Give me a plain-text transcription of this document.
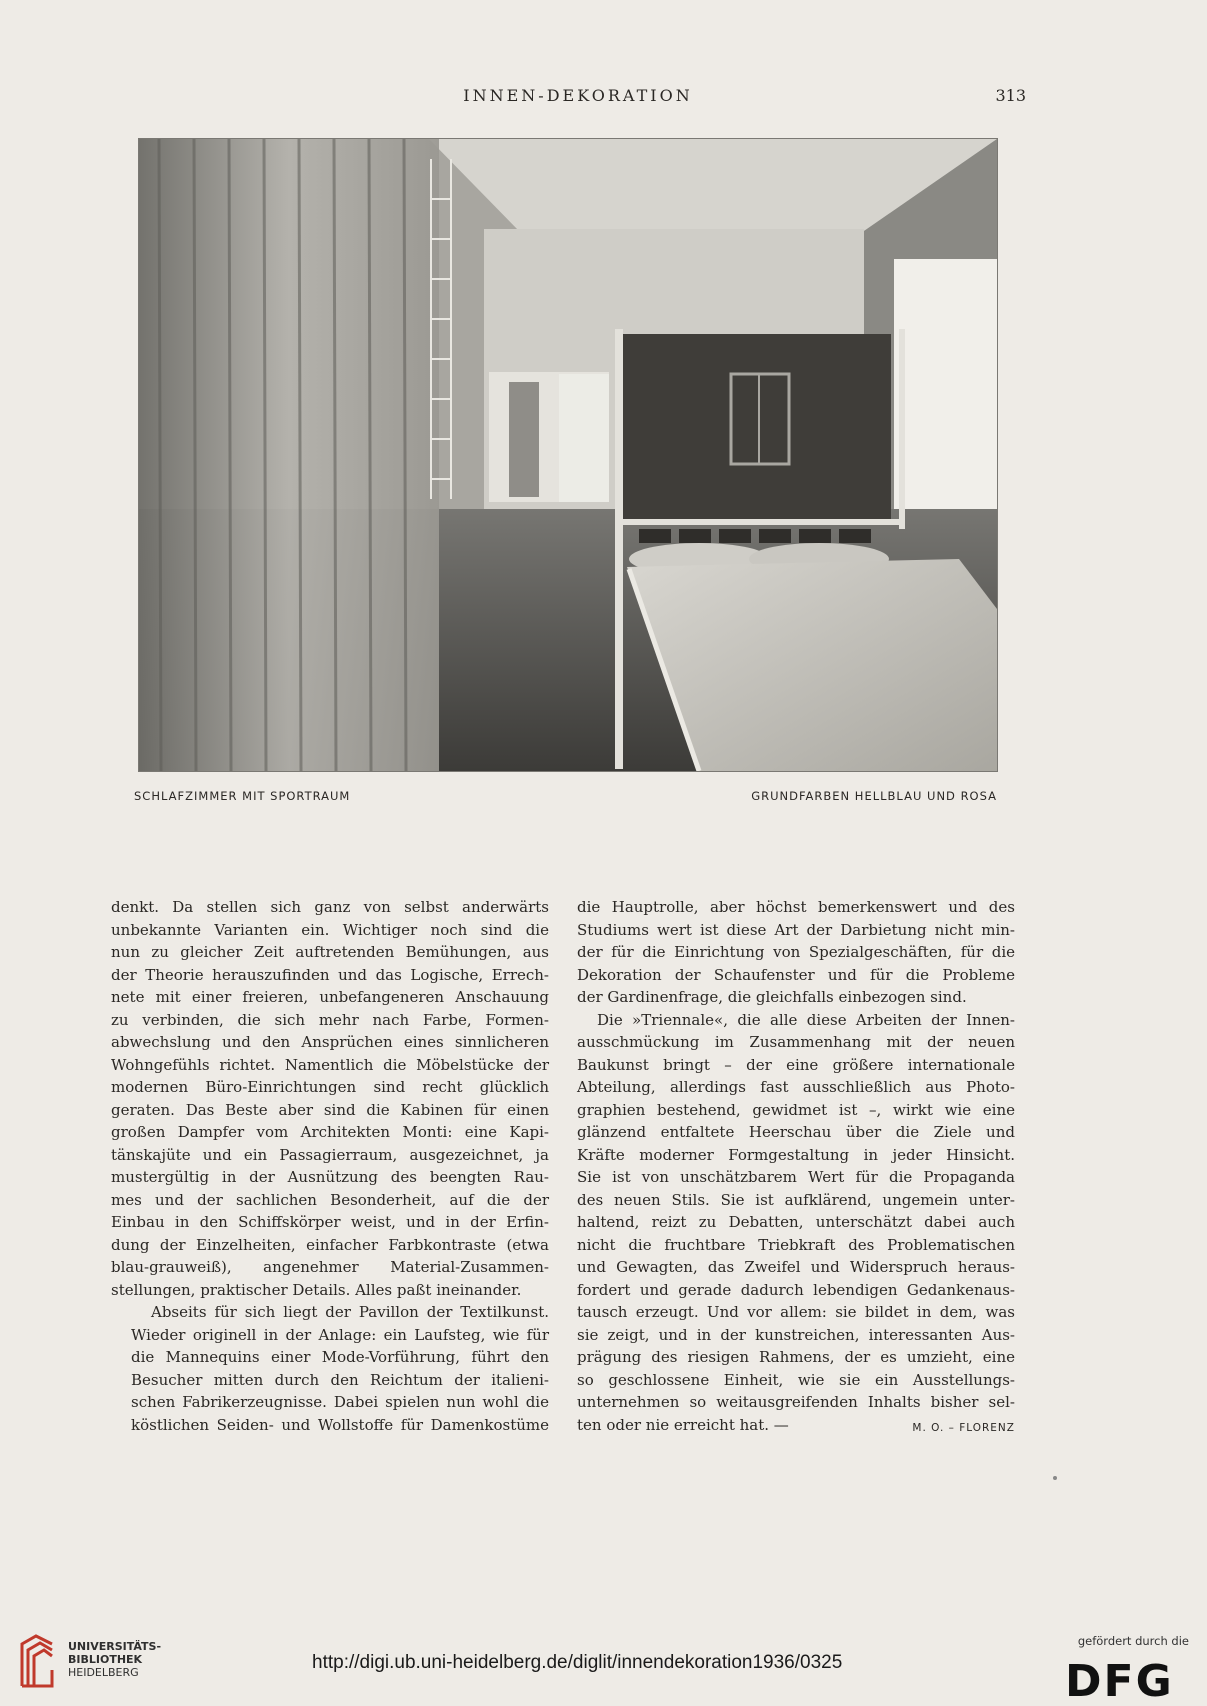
INNEN-DEKORATION	313
SCHLAFZIMMER MIT SPORTRAUM	GRUNDFARBEN HELLBLAU UND ROSA

denkt. Da stellen sich ganz von selbst anderwärts
unbekannte Varianten ein. Wichtiger noch sind die
nun zu gleicher Zeit auftretenden Bemühungen, aus
der Theorie herauszufinden und das Logische, Errech-
nete mit einer freieren, unbefangeneren Anschauung
zu verbinden, die sich mehr nach Farbe, Formen-
abwechslung und den Ansprüchen eines sinnlicheren
Wohngefühls richtet. Namentlich die Möbelstücke der
modernen Büro-Einrichtungen sind recht glücklich
geraten. Das Beste aber sind die Kabinen für einen
großen Dampfer vom Architekten Monti: eine Kapi-
tänskajüte und ein Passagierraum, ausgezeichnet, ja
mustergültig in der Ausnützung des beengten Rau-
mes und der sachlichen Besonderheit, auf die der
Einbau in den Schiffskörper weist, und in der Erfin-
dung der Einzelheiten, einfacher Farbkontraste (etwa
blau-grauweiß), angenehmer Material-Zusammen-
stellungen, praktischer Details. Alles paßt ineinander.

Abseits für sich liegt der Pavillon der Textilkunst.
Wieder originell in der Anlage: ein Laufsteg, wie für
die Mannequins einer Mode-Vorführung, führt den
Besucher mitten durch den Reichtum der italieni-
schen Fabrikerzeugnisse. Dabei spielen nun wohl die
köstlichen Seiden- und Wollstoffe für Damenkostüme

die Hauptrolle, aber höchst bemerkenswert und des
Studiums wert ist diese Art der Darbietung nicht min-
der für die Einrichtung von Spezialgeschäften, für die
Dekoration der Schaufenster und für die Probleme
der Gardinenfrage, die gleichfalls einbezogen sind.

Die »Triennale«, die alle diese Arbeiten der Innen-
ausschmückung im Zusammenhang mit der neuen
Baukunst bringt – der eine größere internationale
Abteilung, allerdings fast ausschließlich aus Photo-
graphien bestehend, gewidmet ist –, wirkt wie eine
glänzend entfaltete Heerschau über die Ziele und
Kräfte moderner Formgestaltung in jeder Hinsicht.
Sie ist von unschätzbarem Wert für die Propaganda
des neuen Stils. Sie ist aufklärend, ungemein unter-
haltend, reizt zu Debatten, unterschätzt dabei auch
nicht die fruchtbare Triebkraft des Problematischen
und Gewagten, das Zweifel und Widerspruch heraus-
fordert und gerade dadurch lebendigen Gedankenaus-
tausch erzeugt. Und vor allem: sie bildet in dem, was
sie zeigt, und in der kunstreichen, interessanten Aus-
prägung des riesigen Rahmens, der es umzieht, eine
so geschlossene Einheit, wie sie ein Ausstellungs-
unternehmen so weitausgreifenden Inhalts bisher sel-
ten oder nie erreicht hat. —	M. O. – FLORENZ

UNIVERSITÄTS-
BIBLIOTHEK
HEIDELBERG	http://digi.ub.uni-heidelberg.de/diglit/innendekoration1936/0325
gefördert durch die
DFG
